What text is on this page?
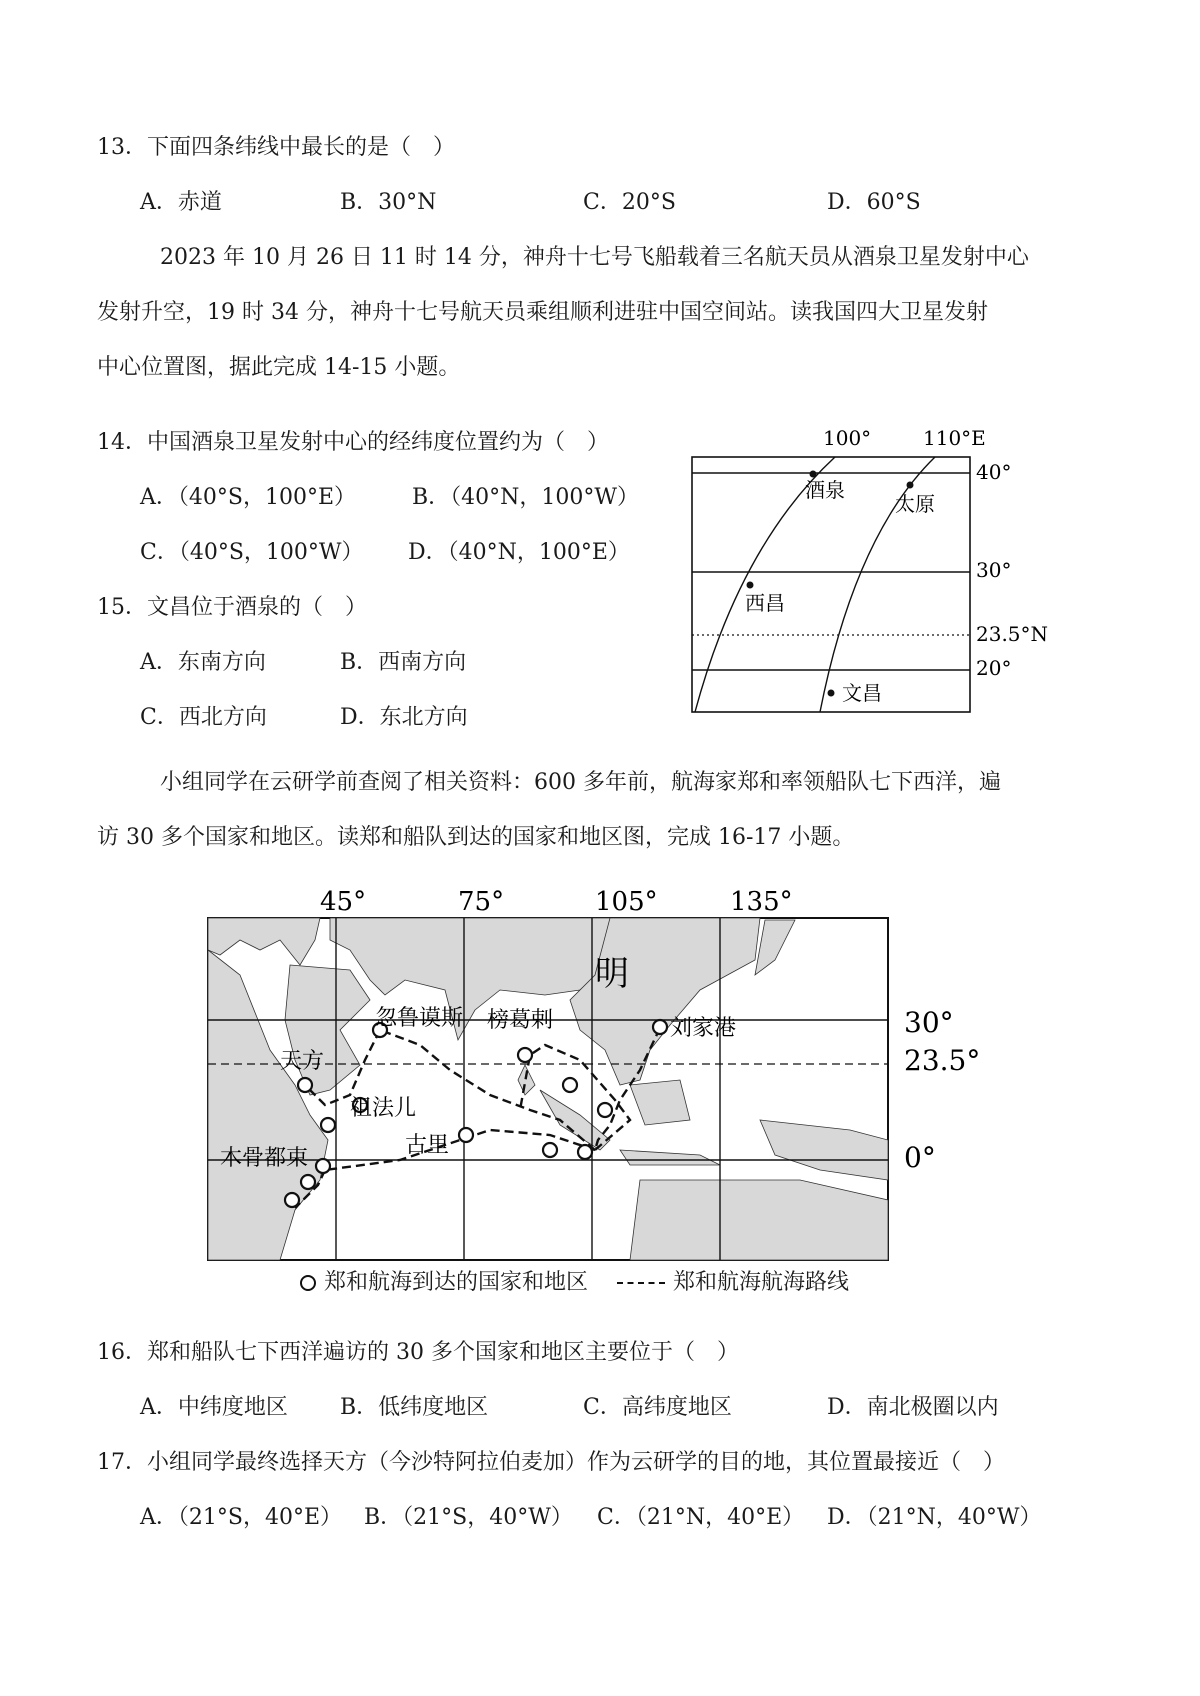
13．下面四条纬线中最长的是（　）
A．赤道	B．30°N	C．20°S	D．60°S
2023 年 10 月 26 日 11 时 14 分，神舟十七号飞船载着三名航天员从酒泉卫星发射中心
发射升空，19 时 34 分，神舟十七号航天员乘组顺利进驻中国空间站。读我国四大卫星发射
中心位置图，据此完成 14-15 小题。
14．中国酒泉卫星发射中心的经纬度位置约为（　）
A．（40°S，100°E）	B．（40°N，100°W）
C．（40°S，100°W） D．（40°N，100°E）
15．文昌位于酒泉的（　）
A．东南方向	B．西南方向
C．西北方向	D．东北方向
100°	110°E
40°
30°
23.5°N
20°
酒泉
太原
西昌
文昌
小组同学在云研学前查阅了相关资料：600 多年前，航海家郑和率领船队七下西洋，遍
访 30 多个国家和地区。读郑和船队到达的国家和地区图，完成 16-17 小题。
45°	75°	105°	135°
30°
23.5°
0°
明
刘家港
忽鲁谟斯 榜葛剌
天方
祖法儿
古里
木骨都束
郑和航海到达的国家和地区	郑和航海航海路线
16．郑和船队七下西洋遍访的 30 多个国家和地区主要位于（　）
A．中纬度地区 B．低纬度地区	C．高纬度地区	D．南北极圈以内
17．小组同学最终选择天方（今沙特阿拉伯麦加）作为云研学的目的地，其位置最接近（　）
A．（21°S，40°E） B．（21°S，40°W） C．（21°N，40°E） D．（21°N，40°W）
